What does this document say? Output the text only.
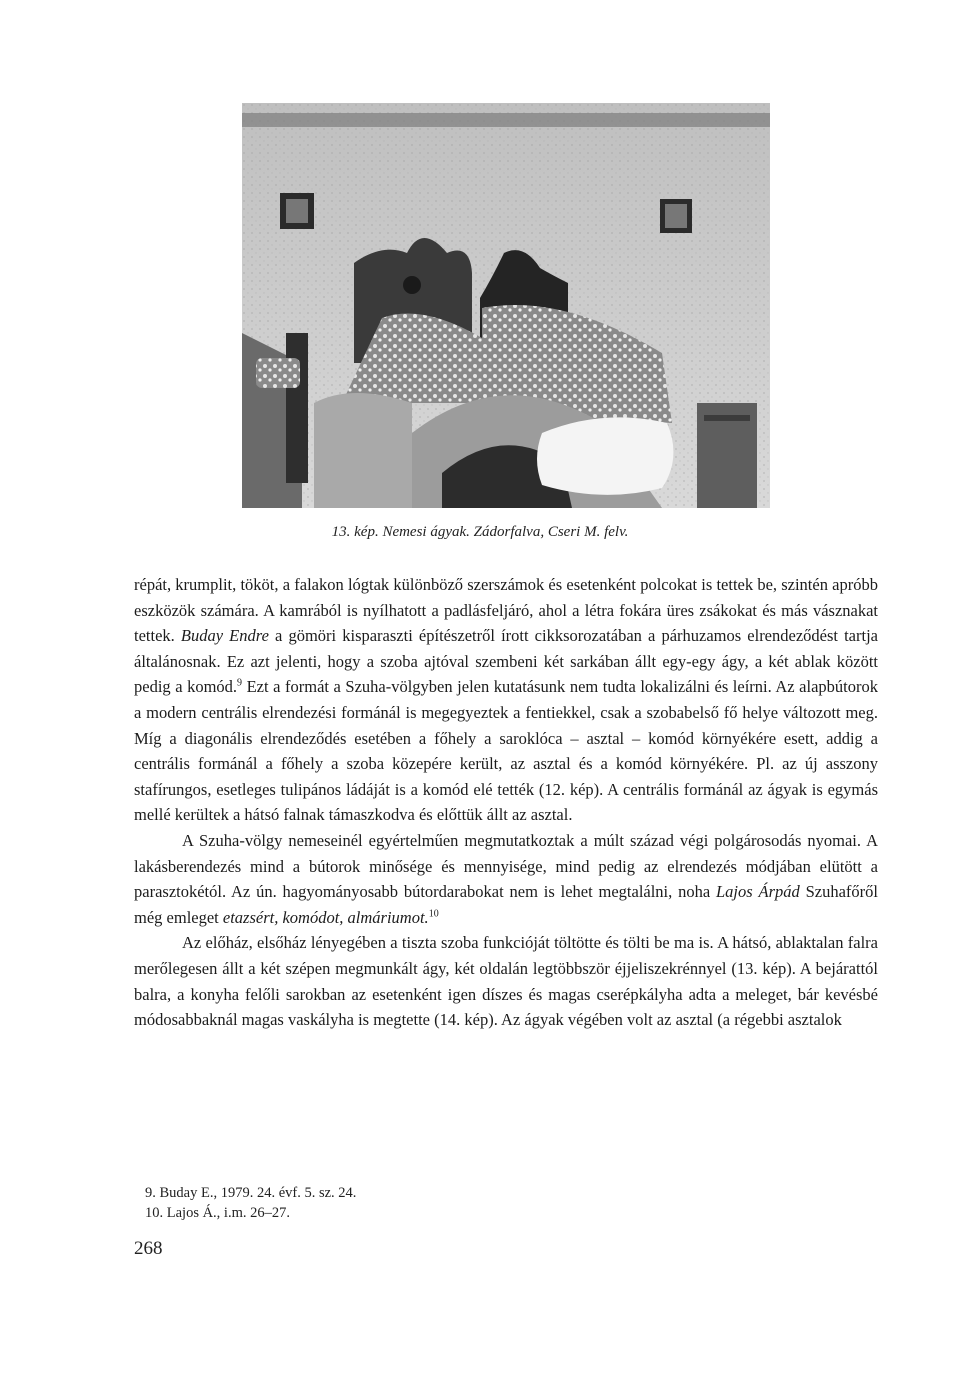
13. kép. Nemesi ágyak. Zádorfalva, Cseri M. felv.

répát, krumplit, tököt, a falakon lógtak különböző szerszámok és esetenként polcokat is tettek be, szintén apróbb eszközök számára. A kamrából is nyílhatott a padlásfeljáró, ahol a létra fokára üres zsákokat és más vásznakat tettek. Buday Endre a gömöri kisparaszti építészetről írott cikksorozatában a párhuzamos elrendeződést tartja általánosnak. Ez azt jelenti, hogy a szoba ajtóval szembeni két sarkában állt egy-egy ágy, a két ablak között pedig a komód.$^9$ Ezt a formát a Szuha-völgyben jelen kutatásunk nem tudta lokalizálni és leírni. Az alapbútorok a modern centrális elrendezési formánál is megegyeztek a fentiekkel, csak a szobabelső fő helye változott meg. Míg a diagonális elrendeződés esetében a főhely a saroklóca – asztal – komód környékére esett, addig a centrális formánál a főhely a szoba közepére került, az asztal és a komód környékére. Pl. az új asszony stafírungos, esetleges tulipános ládáját is a komód elé tették (12. kép). A centrális formánál az ágyak is egymás mellé kerültek a hátsó falnak támaszkodva és előttük állt az asztal.

A Szuha-völgy nemeseinél egyértelműen megmutatkoztak a múlt század végi polgárosodás nyomai. A lakásberendezés mind a bútorok minősége és mennyisége, mind pedig az elrendezés módjában elütött a parasztokétól. Az ún. hagyományosabb bútordarabokat nem is lehet megtalálni, noha Lajos Árpád Szuhafőről még emleget etazsért, komódot, almáriumot.$^{10}$

Az előház, elsőház lényegében a tiszta szoba funkcióját töltötte és tölti be ma is. A hátsó, ablaktalan falra merőlegesen állt a két szépen megmunkált ágy, két oldalán legtöbbször éjjeliszekrénnyel (13. kép). A bejárattól balra, a konyha felőli sarokban az esetenként igen díszes és magas cserépkályha adta a meleget, bár kevésbé módosabbaknál magas vaskályha is megtette (14. kép). Az ágyak végében volt az asztal (a régebbi asztalok

9. Buday E., 1979. 24. évf. 5. sz. 24.
10. Lajos Á., i.m. 26–27.
268
